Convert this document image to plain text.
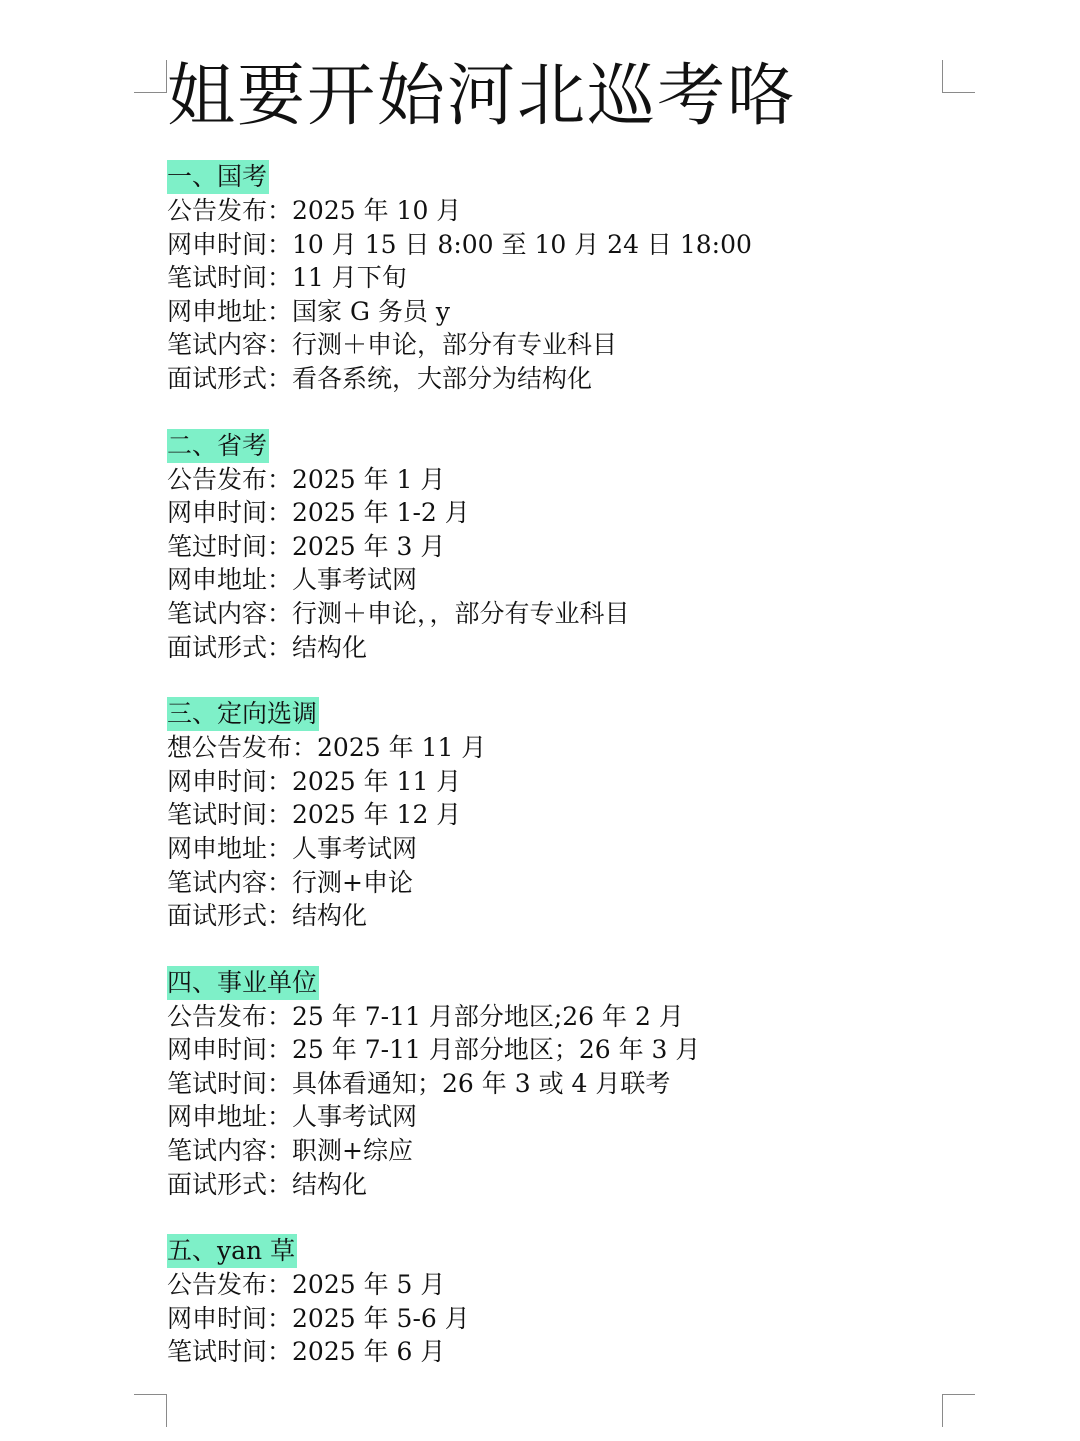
姐要开始河北巡考咯
一、国考
公告发布：2025 年 10 月
网申时间：10 月 15 日 8:00 至 10 月 24 日 18:00
笔试时间：11 月下旬
网申地址：国家 G 务员 y
笔试内容：行测＋申论，部分有专业科目
面试形式：看各系统，大部分为结构化
二、省考
公告发布：2025 年 1 月
网申时间：2025 年 1-2 月
笔过时间：2025 年 3 月
网申地址：人事考试网
笔试内容：行测＋申论，，部分有专业科目
面试形式：结构化
三、定向选调
想公告发布：2025 年 11 月
网申时间：2025 年 11 月
笔试时间：2025 年 12 月
网申地址：人事考试网
笔试内容：行测+申论
面试形式：结构化
四、事业单位
公告发布：25 年 7-11 月部分地区;26 年 2 月
网申时间：25 年 7-11 月部分地区；26 年 3 月
笔试时间：具体看通知；26 年 3 或 4 月联考
网申地址：人事考试网
笔试内容：职测+综应
面试形式：结构化
五、yan 草
公告发布：2025 年 5 月
网申时间：2025 年 5-6 月
笔试时间：2025 年 6 月
